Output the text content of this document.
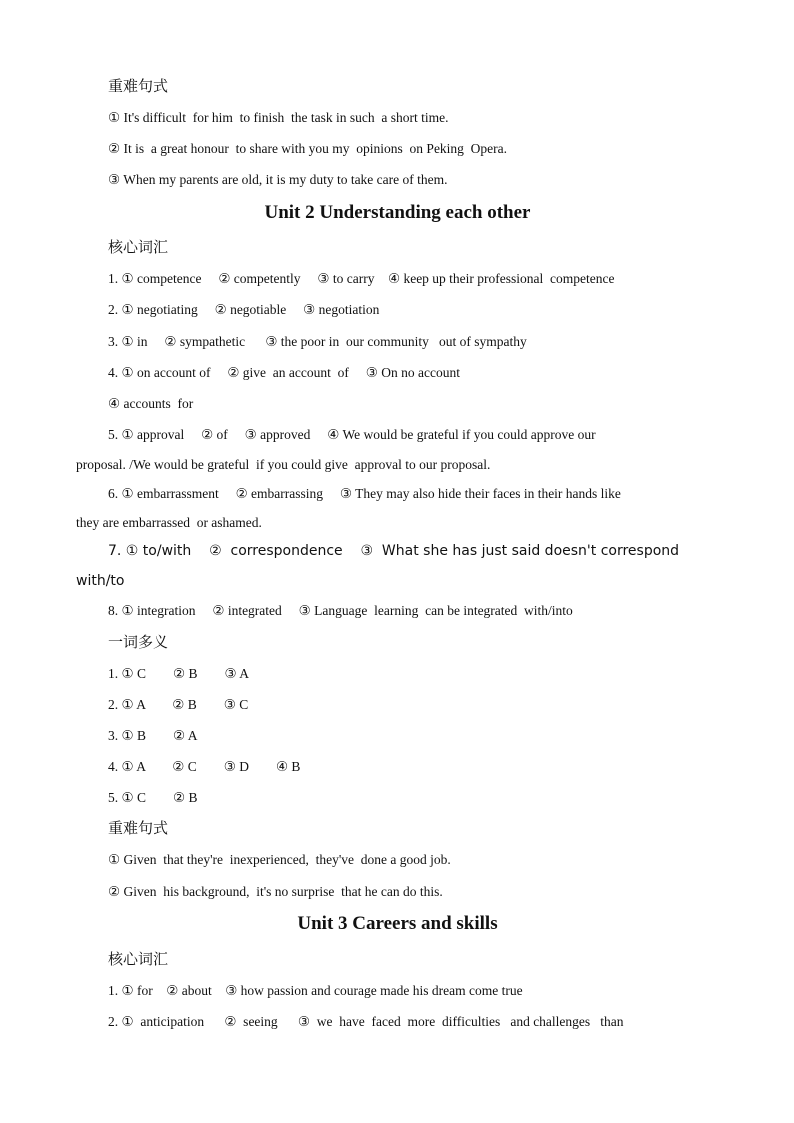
重难句式
① It's difficult  for him  to finish  the task in such  a short time.
② It is  a great honour  to share with you my  opinions  on Peking  Opera.
③ When my parents are old, it is my duty to take care of them.
Unit 2 Understanding each other
核心词汇
1. ① competence     ② competently     ③ to carry    ④ keep up their professional  competence
2. ① negotiating     ② negotiable     ③ negotiation
3. ① in     ② sympathetic      ③ the poor in  our community   out of sympathy
4. ① on account of     ② give  an account  of     ③ On no account
④ accounts  for
5. ① approval     ② of     ③ approved     ④ We would be grateful if you could approve our
proposal. /We would be grateful  if you could give  approval to our proposal.
6. ① embarrassment     ② embarrassing     ③ They may also hide their faces in their hands like
they are embarrassed  or ashamed.
7. ① to/with    ②  correspondence    ③  What she has just said doesn't correspond
with/to
8. ① integration     ② integrated     ③ Language  learning  can be integrated  with/into
一词多义
1. ① C        ② B        ③ A
2. ① A        ② B        ③ C
3. ① B        ② A
4. ① A        ② C        ③ D        ④ B
5. ① C        ② B
重难句式
① Given  that they're  inexperienced,  they've  done a good job.
② Given  his background,  it's no surprise  that he can do this.
Unit 3 Careers and skills
核心词汇
1. ① for    ② about    ③ how passion and courage made his dream come true
2. ①  anticipation      ②  seeing      ③  we  have  faced  more  difficulties   and challenges   than
